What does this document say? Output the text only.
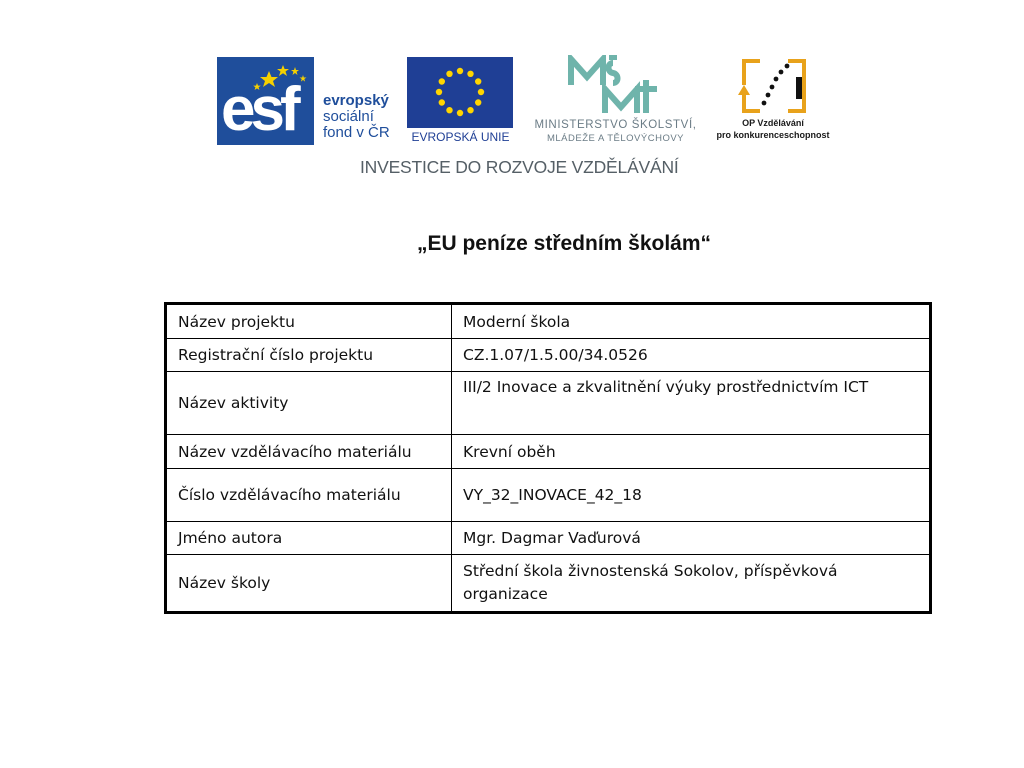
esf evropský
sociální
fond v ČR	EVROPSKÁ UNIE
MINISTERSTVO ŠKOLSTVÍ,
MLÁDEŽE A TĚLOVÝCHOVY
OP Vzdělávání
pro konkurenceschopnost
INVESTICE DO ROZVOJE VZDĚLÁVÁNÍ
„EU peníze středním školám“
Název projektu	Moderní škola
Registrační číslo projektu	CZ.1.07/1.5.00/34.0526
Název aktivity	III/2 Inovace a zkvalitnění výuky prostřednictvím ICT
Název vzdělávacího materiálu	Krevní oběh
Číslo vzdělávacího materiálu	VY_32_INOVACE_42_18
Jméno autora	Mgr. Dagmar Vaďurová
Název školy	Střední škola živnostenská Sokolov, příspěvková organizace
